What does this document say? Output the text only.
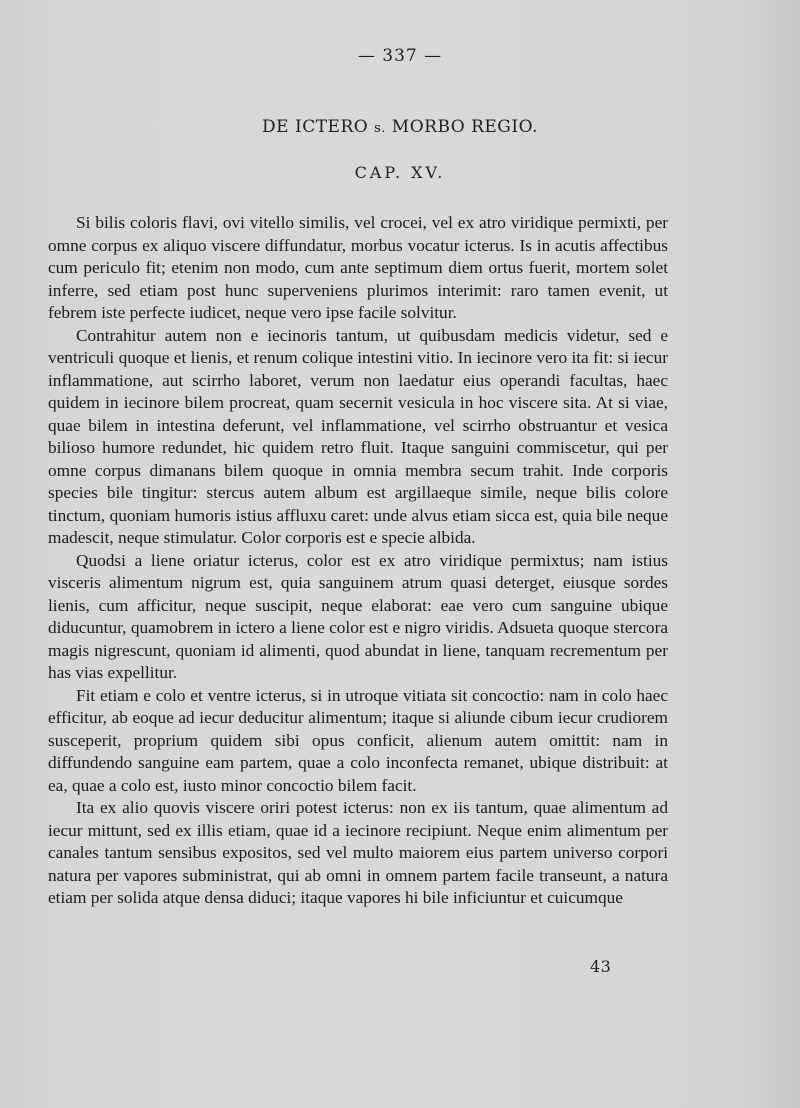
— 337 —
DE ICTERO s. MORBO REGIO.
CAP. XV.

Si bilis coloris flavi, ovi vitello similis, vel crocei, vel ex atro viridique permixti, per omne corpus ex aliquo viscere diffundatur, morbus vocatur icterus. Is in acutis affectibus cum periculo fit; etenim non modo, cum ante septimum diem ortus fuerit, mortem solet inferre, sed etiam post hunc superveniens plurimos interimit: raro tamen evenit, ut febrem iste perfecte iudicet, neque vero ipse facile solvitur.

Contrahitur autem non e iecinoris tantum, ut quibusdam medicis videtur, sed e ventriculi quoque et lienis, et renum colique intestini vitio. In iecinore vero ita fit: si iecur inflammatione, aut scirrho laboret, verum non laedatur eius operandi facultas, haec quidem in iecinore bilem procreat, quam secernit vesicula in hoc viscere sita. At si viae, quae bilem in intestina deferunt, vel inflammatione, vel scirrho obstruantur et vesica bilioso humore redundet, hic quidem retro fluit. Itaque sanguini commiscetur, qui per omne corpus dimanans bilem quoque in omnia membra secum trahit. Inde corporis species bile tingitur: stercus autem album est argillaeque simile, neque bilis colore tinctum, quoniam humoris istius affluxu caret: unde alvus etiam sicca est, quia bile neque madescit, neque stimulatur. Color corporis est e specie albida.

Quodsi a liene oriatur icterus, color est ex atro viridique permixtus; nam istius visceris alimentum nigrum est, quia sanguinem atrum quasi deterget, eiusque sordes lienis, cum afficitur, neque suscipit, neque elaborat: eae vero cum sanguine ubique diducuntur, quamobrem in ictero a liene color est e nigro viridis. Adsueta quoque stercora magis nigrescunt, quoniam id alimenti, quod abundat in liene, tanquam recrementum per has vias expellitur.

Fit etiam e colo et ventre icterus, si in utroque vitiata sit concoctio: nam in colo haec efficitur, ab eoque ad iecur deducitur alimentum; itaque si aliunde cibum iecur crudiorem susceperit, proprium quidem sibi opus conficit, alienum autem omittit: nam in diffundendo sanguine eam partem, quae a colo inconfecta remanet, ubique distribuit: at ea, quae a colo est, iusto minor concoctio bilem facit.

Ita ex alio quovis viscere oriri potest icterus: non ex iis tantum, quae alimentum ad iecur mittunt, sed ex illis etiam, quae id a iecinore recipiunt. Neque enim alimentum per canales tantum sensibus expositos, sed vel multo maiorem eius partem universo corpori natura per vapores subministrat, qui ab omni in omnem partem facile transeunt, a natura etiam per solida atque densa diduci; itaque vapores hi bile inficiuntur et cuicumque

43
